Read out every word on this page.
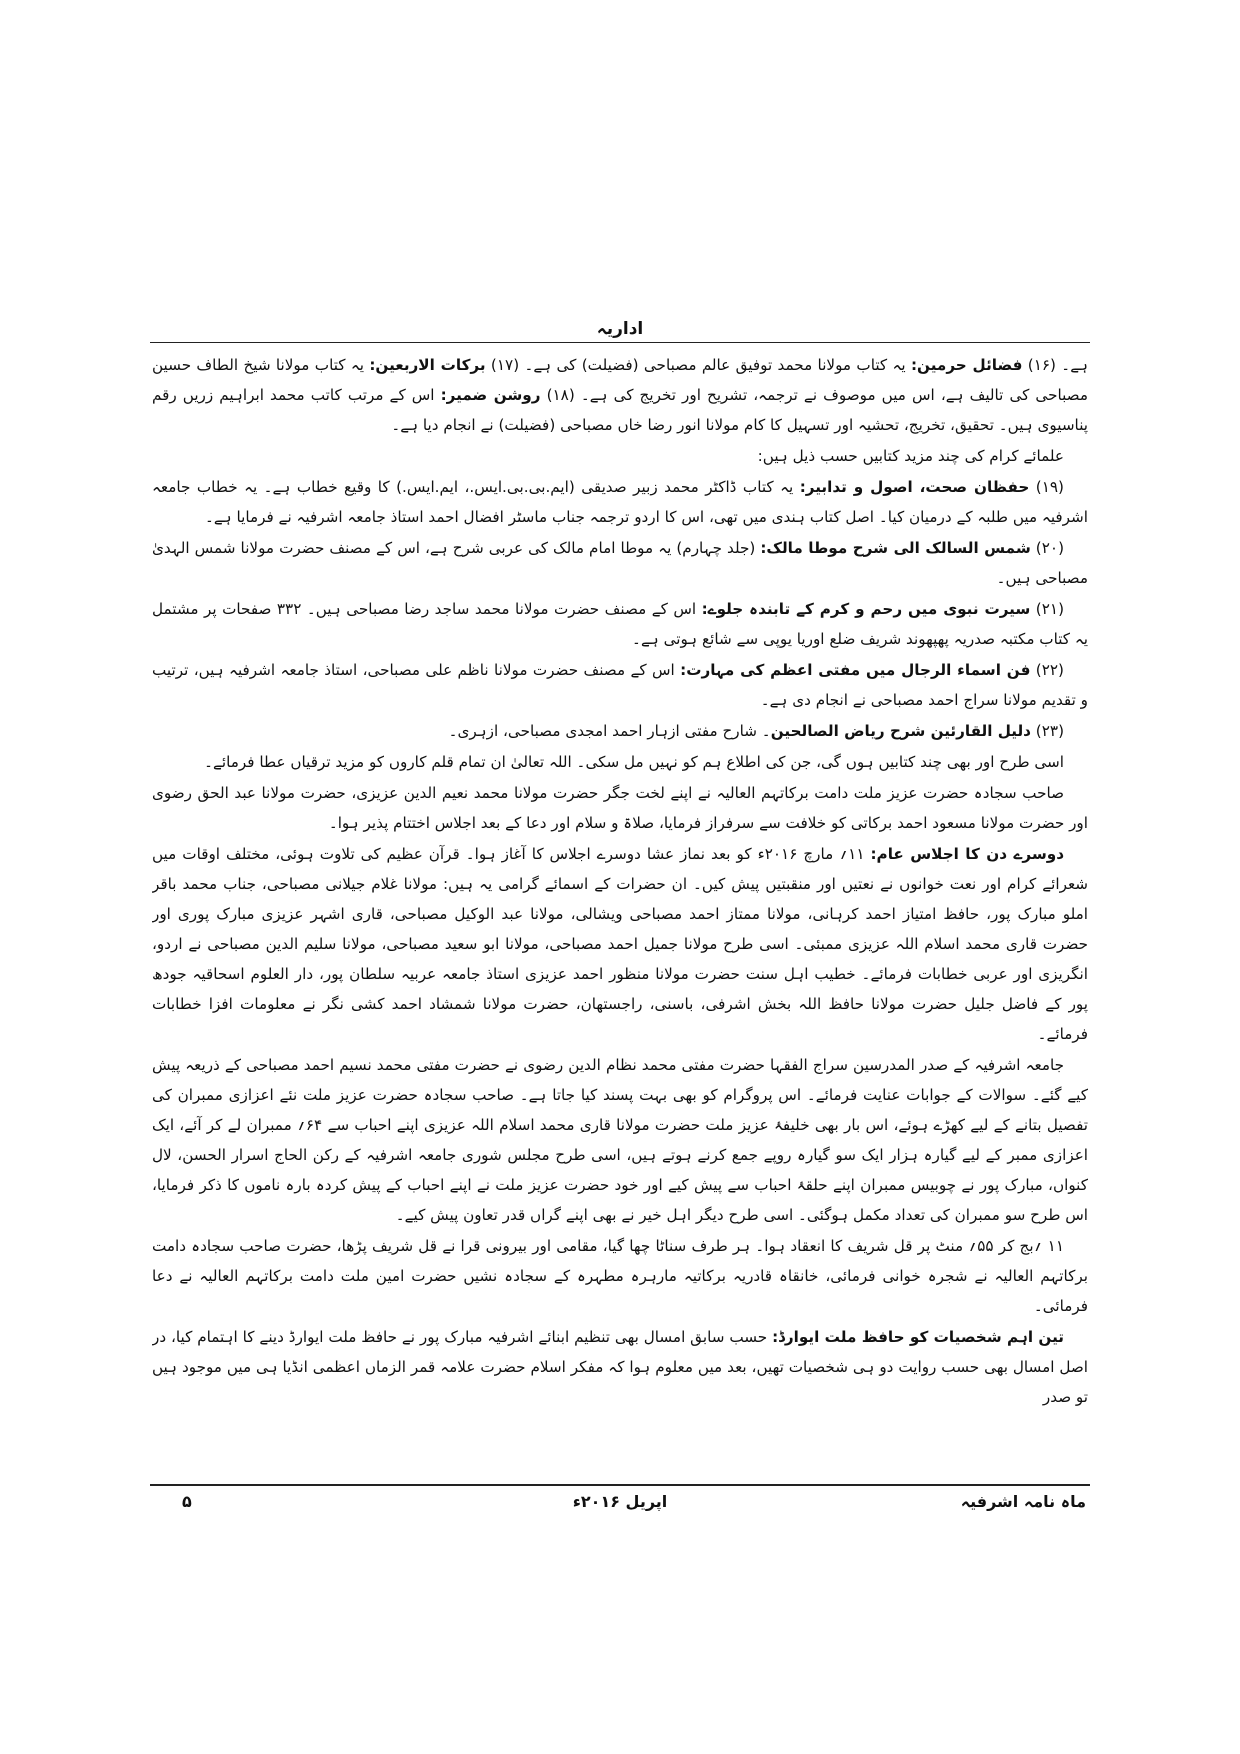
اداریہ

ہے۔ (۱۶) فضائل حرمین: یہ کتاب مولانا محمد توفیق عالم مصباحی (فضیلت) کی ہے۔ (۱۷) برکات الاربعین: یہ کتاب مولانا شیخ الطاف حسین مصباحی کی تالیف ہے، اس میں موصوف نے ترجمہ، تشریح اور تخریج کی ہے۔ (۱۸) روشن ضمیر: اس کے مرتب کاتب محمد ابراہیم زریں رقم پناسیوی ہیں۔ تحقیق، تخریج، تحشیہ اور تسہیل کا کام مولانا انور رضا خاں مصباحی (فضیلت) نے انجام دیا ہے۔

علمائے کرام کی چند مزید کتابیں حسب ذیل ہیں:

(۱۹) حفظان صحت، اصول و تدابیر: یہ کتاب ڈاکٹر محمد زبیر صدیقی (ایم.بی.بی.ایس.، ایم.ایس.) کا وقیع خطاب ہے۔ یہ خطاب جامعہ اشرفیہ میں طلبہ کے درمیان کیا۔ اصل کتاب ہندی میں تھی، اس کا اردو ترجمہ جناب ماسٹر افضال احمد استاذ جامعہ اشرفیہ نے فرمایا ہے۔

(۲۰) شمس السالک الی شرح موطا مالک: (جلد چہارم) یہ موطا امام مالک کی عربی شرح ہے، اس کے مصنف حضرت مولانا شمس الہدیٰ مصباحی ہیں۔

(۲۱) سیرت نبوی میں رحم و کرم کے تابندہ جلوے: اس کے مصنف حضرت مولانا محمد ساجد رضا مصباحی ہیں۔ ۳۳۲ صفحات پر مشتمل یہ کتاب مکتبہ صدریہ پھپھوند شریف ضلع اوریا یوپی سے شائع ہوتی ہے۔

(۲۲) فن اسماء الرجال میں مفتی اعظم کی مہارت: اس کے مصنف حضرت مولانا ناظم علی مصباحی، استاذ جامعہ اشرفیہ ہیں، ترتیب و تقدیم مولانا سراج احمد مصباحی نے انجام دی ہے۔

(۲۳) دلیل القارئین شرح ریاض الصالحین۔ شارح مفتی ازہار احمد امجدی مصباحی، ازہری۔

اسی طرح اور بھی چند کتابیں ہوں گی، جن کی اطلاع ہم کو نہیں مل سکی۔ اللہ تعالیٰ ان تمام قلم کاروں کو مزید ترقیاں عطا فرمائے۔

صاحب سجادہ حضرت عزیز ملت دامت برکاتہم العالیہ نے اپنے لخت جگر حضرت مولانا محمد نعیم الدین عزیزی، حضرت مولانا عبد الحق رضوی اور حضرت مولانا مسعود احمد برکاتی کو خلافت سے سرفراز فرمایا، صلاۃ و سلام اور دعا کے بعد اجلاس اختتام پذیر ہوا۔

دوسرے دن کا اجلاس عام: ۱۱؍ مارچ ۲۰۱۶ء کو بعد نماز عشا دوسرے اجلاس کا آغاز ہوا۔ قرآن عظیم کی تلاوت ہوئی، مختلف اوقات میں شعرائے کرام اور نعت خوانوں نے نعتیں اور منقبتیں پیش کیں۔ ان حضرات کے اسمائے گرامی یہ ہیں: مولانا غلام جیلانی مصباحی، جناب محمد باقر املو مبارک پور، حافظ امتیاز احمد کرہانی، مولانا ممتاز احمد مصباحی ویشالی، مولانا عبد الوکیل مصباحی، قاری اشہر عزیزی مبارک پوری اور حضرت قاری محمد اسلام اللہ عزیزی ممبئی۔ اسی طرح مولانا جمیل احمد مصباحی، مولانا ابو سعید مصباحی، مولانا سلیم الدین مصباحی نے اردو، انگریزی اور عربی خطابات فرمائے۔ خطیب اہل سنت حضرت مولانا منظور احمد عزیزی استاذ جامعہ عربیہ سلطان پور، دار العلوم اسحاقیہ جودھ پور کے فاضل جلیل حضرت مولانا حافظ اللہ بخش اشرفی، باسنی، راجستھان، حضرت مولانا شمشاد احمد کشی نگر نے معلومات افزا خطابات فرمائے۔

جامعہ اشرفیہ کے صدر المدرسین سراج الفقہا حضرت مفتی محمد نظام الدین رضوی نے حضرت مفتی محمد نسیم احمد مصباحی کے ذریعہ پیش کیے گئے۔ سوالات کے جوابات عنایت فرمائے۔ اس پروگرام کو بھی بہت پسند کیا جاتا ہے۔ صاحب سجادہ حضرت عزیز ملت نئے اعزازی ممبران کی تفصیل بتانے کے لیے کھڑے ہوئے، اس بار بھی خلیفۂ عزیز ملت حضرت مولانا قاری محمد اسلام اللہ عزیزی اپنے احباب سے ۶۴؍ ممبران لے کر آئے، ایک اعزازی ممبر کے لیے گیارہ ہزار ایک سو گیارہ روپے جمع کرنے ہوتے ہیں، اسی طرح مجلس شوری جامعہ اشرفیہ کے رکن الحاج اسرار الحسن، لال کنواں، مبارک پور نے چوبیس ممبران اپنے حلقۂ احباب سے پیش کیے اور خود حضرت عزیز ملت نے اپنے احباب کے پیش کردہ بارہ ناموں کا ذکر فرمایا، اس طرح سو ممبران کی تعداد مکمل ہوگئی۔ اسی طرح دیگر اہل خیر نے بھی اپنے گراں قدر تعاون پیش کیے۔

۱۱ ؍بج کر ۵۵؍ منٹ پر قل شریف کا انعقاد ہوا۔ ہر طرف سناٹا چھا گیا، مقامی اور بیرونی قرا نے قل شریف پڑھا، حضرت صاحب سجادہ دامت برکاتہم العالیہ نے شجرہ خوانی فرمائی، خانقاہ قادریہ برکاتیہ مارہرہ مطہرہ کے سجادہ نشیں حضرت امین ملت دامت برکاتہم العالیہ نے دعا فرمائی۔

تین اہم شخصیات کو حافظ ملت ایوارڈ: حسب سابق امسال بھی تنظیم ابنائے اشرفیہ مبارک پور نے حافظ ملت ایوارڈ دینے کا اہتمام کیا، در اصل امسال بھی حسب روایت دو ہی شخصیات تھیں، بعد میں معلوم ہوا کہ مفکر اسلام حضرت علامہ قمر الزماں اعظمی انڈیا ہی میں موجود ہیں تو صدر

۵	اپریل ۲۰۱۶ء	ماہ نامہ اشرفیہ
